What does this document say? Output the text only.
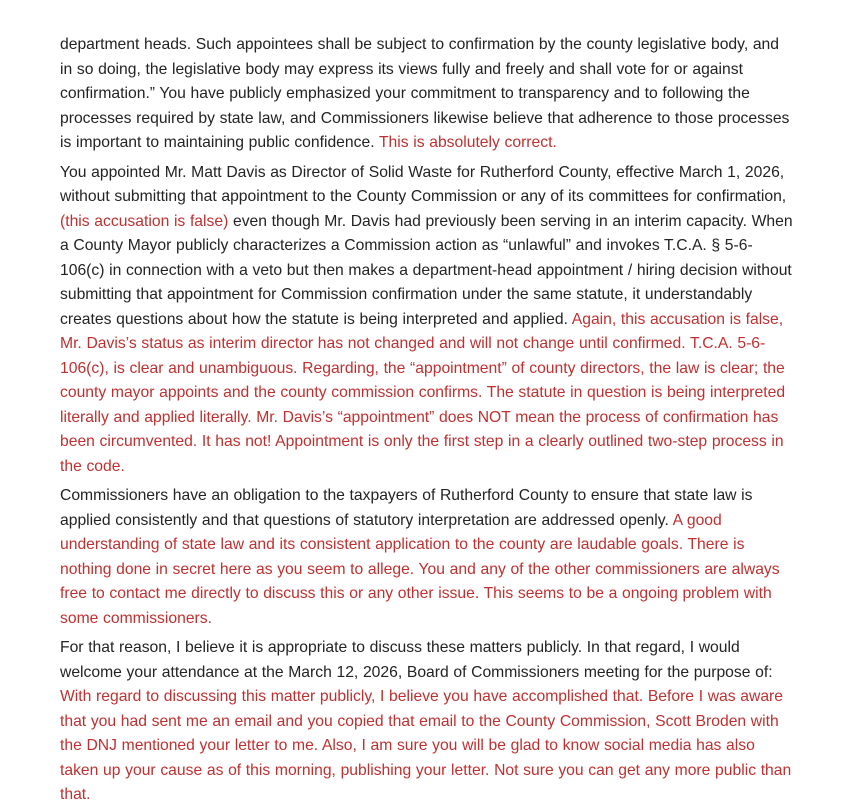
department heads. Such appointees shall be subject to confirmation by the county legislative body, and in so doing, the legislative body may express its views fully and freely and shall vote for or against confirmation.” You have publicly emphasized your commitment to transparency and to following the processes required by state law, and Commissioners likewise believe that adherence to those processes is important to maintaining public confidence. This is absolutely correct.

You appointed Mr. Matt Davis as Director of Solid Waste for Rutherford County, effective March 1, 2026, without submitting that appointment to the County Commission or any of its committees for confirmation, (this accusation is false) even though Mr. Davis had previously been serving in an interim capacity. When a County Mayor publicly characterizes a Commission action as “unlawful” and invokes T.C.A. § 5-6-106(c) in connection with a veto but then makes a department-head appointment / hiring decision without submitting that appointment for Commission confirmation under the same statute, it understandably creates questions about how the statute is being interpreted and applied. Again, this accusation is false, Mr. Davis’s status as interim director has not changed and will not change until confirmed. T.C.A. 5-6-106(c), is clear and unambiguous. Regarding, the “appointment” of county directors, the law is clear; the county mayor appoints and the county commission confirms. The statute in question is being interpreted literally and applied literally. Mr. Davis’s “appointment” does NOT mean the process of confirmation has been circumvented. It has not! Appointment is only the first step in a clearly outlined two-step process in the code.

Commissioners have an obligation to the taxpayers of Rutherford County to ensure that state law is applied consistently and that questions of statutory interpretation are addressed openly. A good understanding of state law and its consistent application to the county are laudable goals. There is nothing done in secret here as you seem to allege. You and any of the other commissioners are always free to contact me directly to discuss this or any other issue. This seems to be a ongoing problem with some commissioners.

For that reason, I believe it is appropriate to discuss these matters publicly. In that regard, I would welcome your attendance at the March 12, 2026, Board of Commissioners meeting for the purpose of: With regard to discussing this matter publicly, I believe you have accomplished that. Before I was aware that you had sent me an email and you copied that email to the County Commission, Scott Broden with the DNJ mentioned your letter to me. Also, I am sure you will be glad to know social media has also taken up your cause as of this morning, publishing your letter. Not sure you can get any more public than that.
